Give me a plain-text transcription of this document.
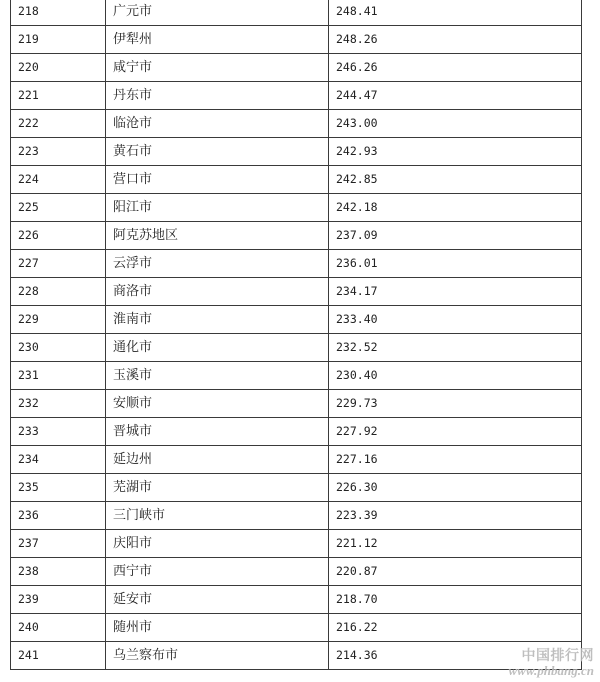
218	广元市	248.41
219	伊犁州	248.26
220	咸宁市	246.26
221	丹东市	244.47
222	临沧市	243.00
223	黄石市	242.93
224	营口市	242.85
225	阳江市	242.18
226	阿克苏地区	237.09
227	云浮市	236.01
228	商洛市	234.17
229	淮南市	233.40
230	通化市	232.52
231	玉溪市	230.40
232	安顺市	229.73
233	晋城市	227.92
234	延边州	227.16
235	芜湖市	226.30
236	三门峡市	223.39
237	庆阳市	221.12
238	西宁市	220.87
239	延安市	218.70
240	随州市	216.22
241	乌兰察布市	214.36	中国排行网
www.phbang.cn
